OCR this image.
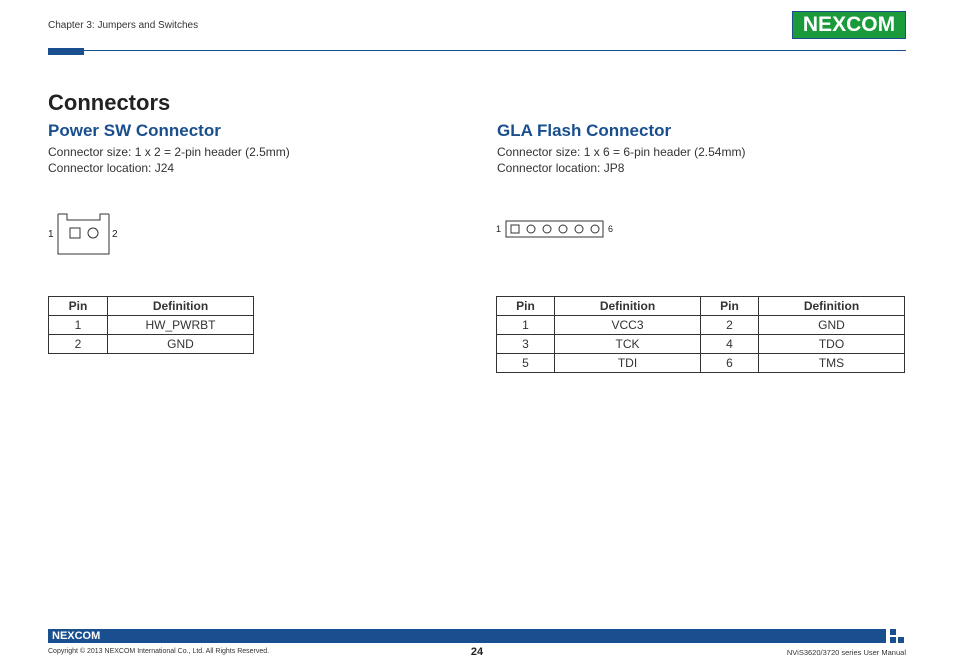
Chapter 3: Jumpers and Switches	NE X COM
Connectors
Power SW Connector
Connector size: 1 x 2 = 2-pin header (2.5mm)
Connector location: J24
1	2
Pin	Definition
1	HW_PWRBT
2	GND
GLA Flash Connector
Connector size: 1 x 6 = 6-pin header (2.54mm)
Connector location: JP8
1	6
Pin	Definition	Pin	Definition
1	VCC3	2	GND
3	TCK	4	TDO
5	TDI	6	TMS
NEXCOM
Copyright © 2013 NEXCOM International Co., Ltd. All Rights Reserved.	24	NViS3620/3720 series User Manual
